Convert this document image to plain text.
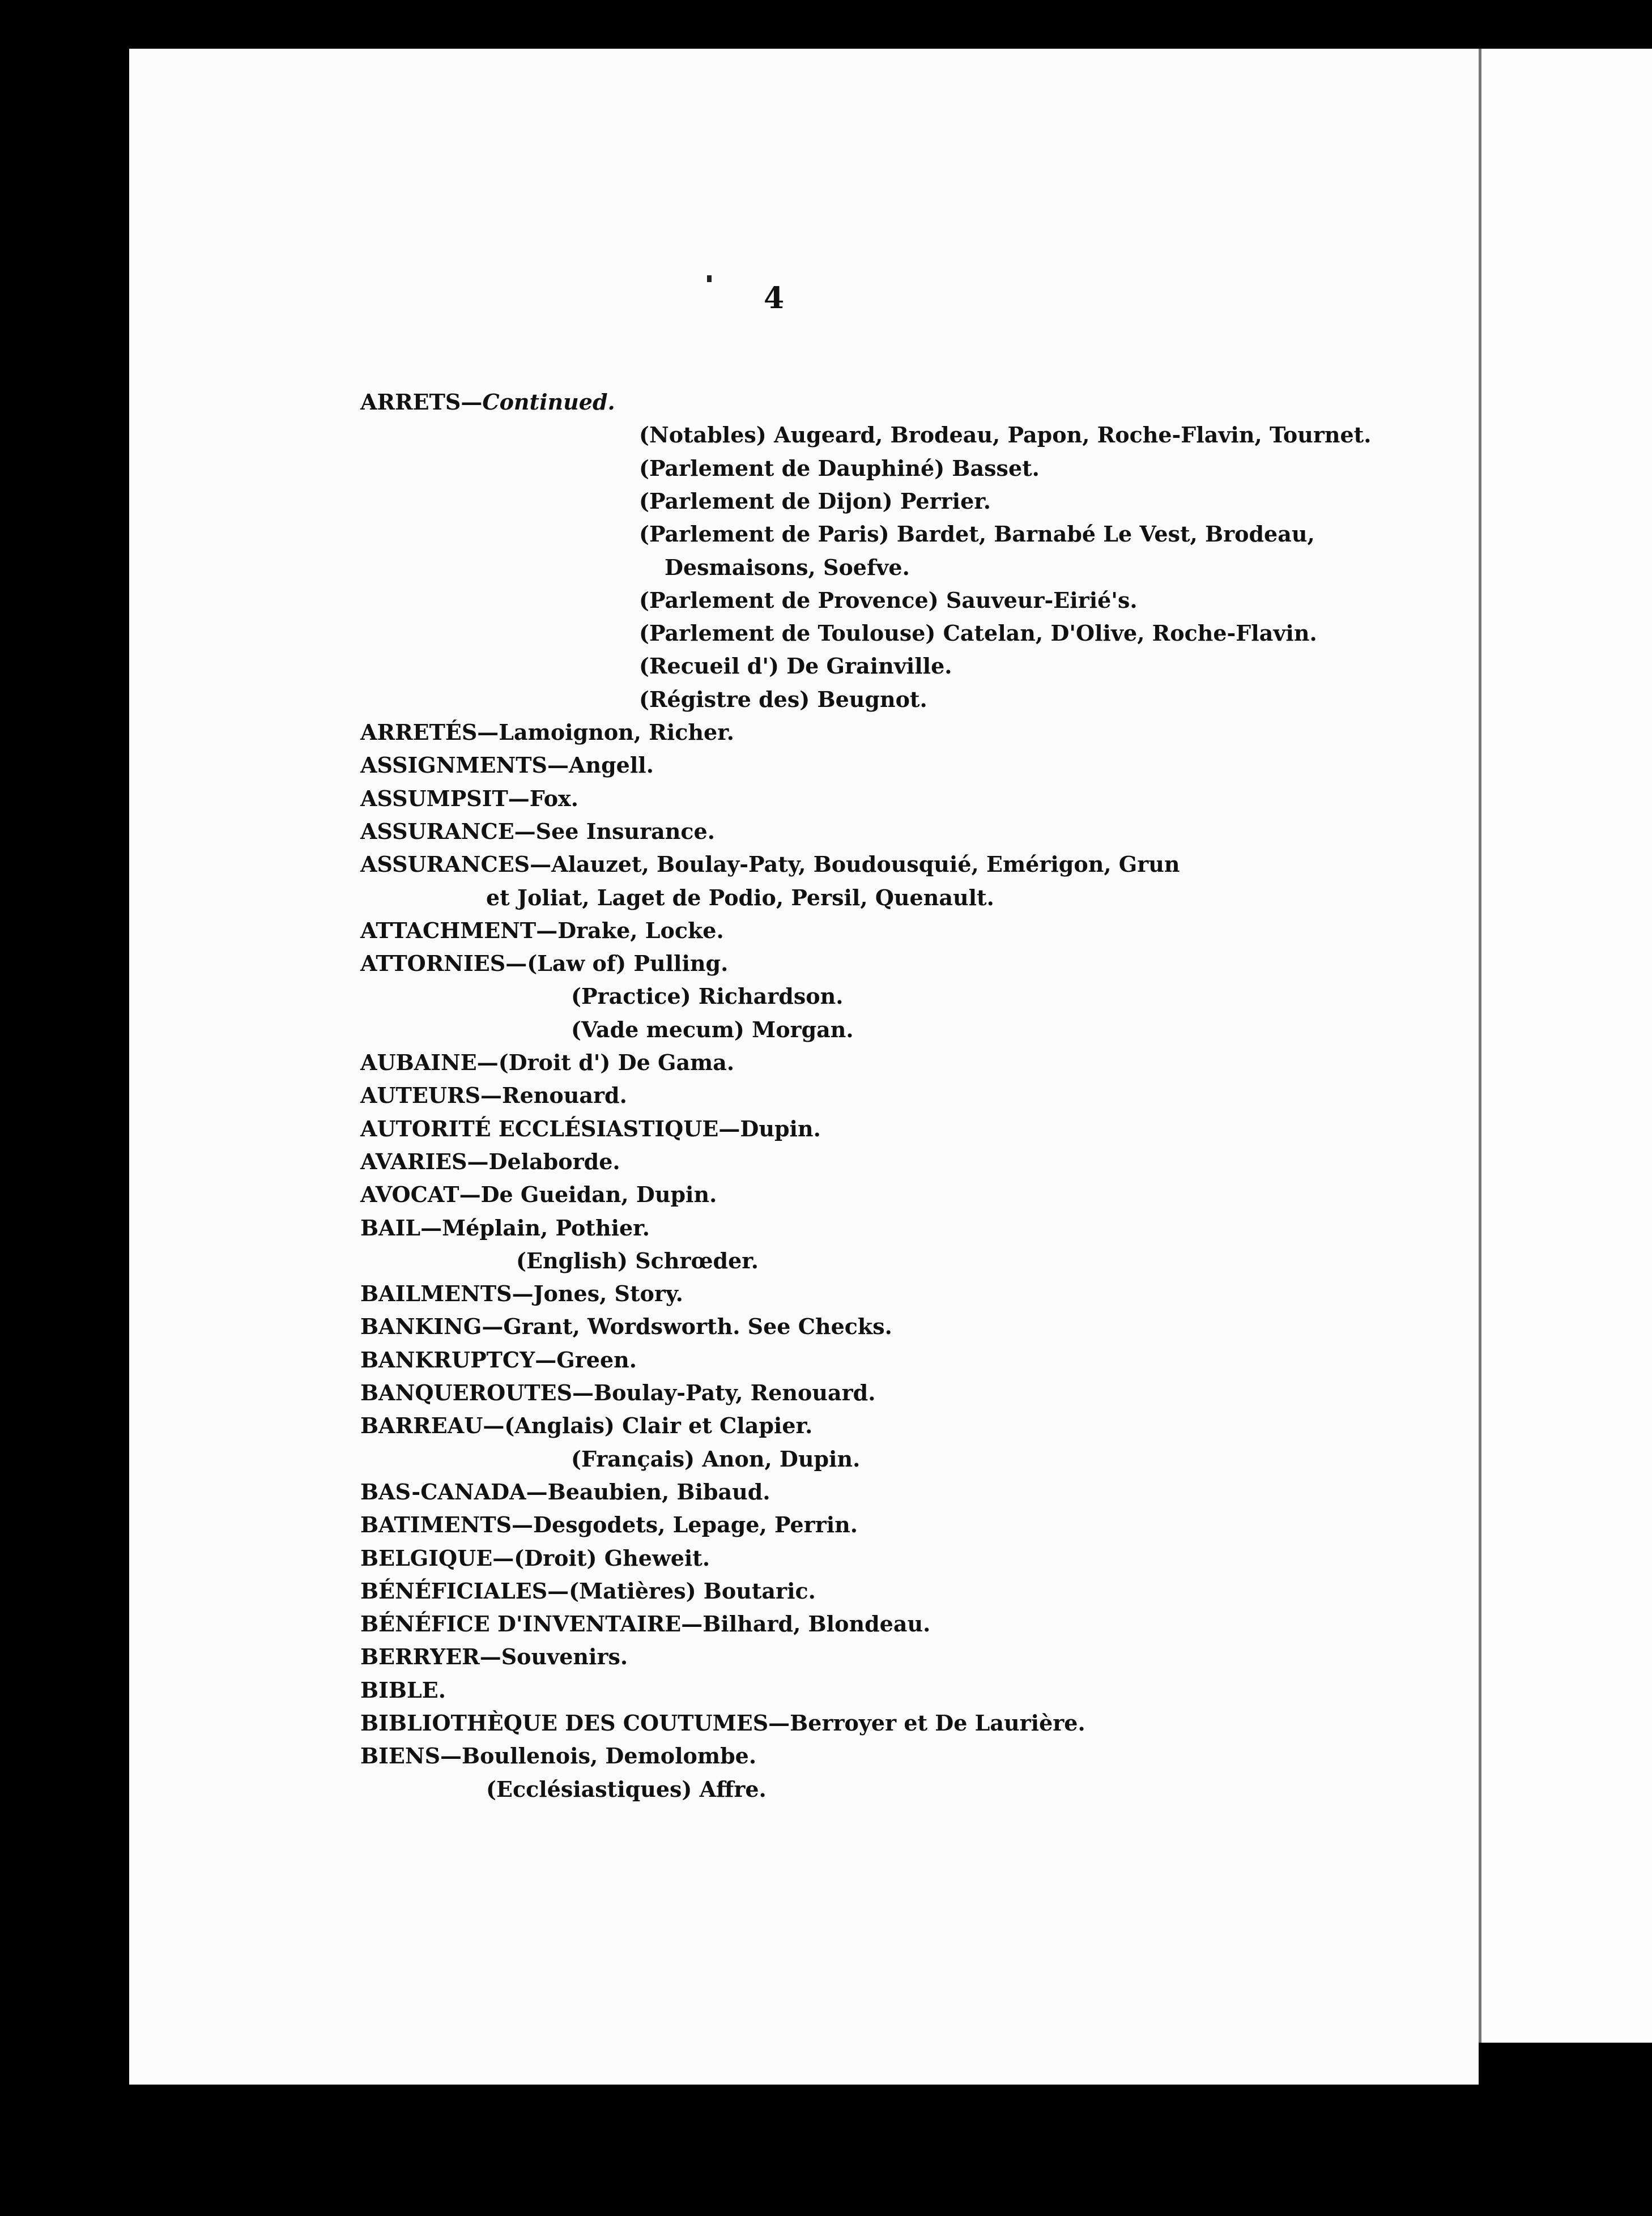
4
ARRETS—Continued.
(Notables) Augeard, Brodeau, Papon, Roche-Flavin, Tournet.
(Parlement de Dauphiné) Basset.
(Parlement de Dijon) Perrier.
(Parlement de Paris) Bardet, Barnabé Le Vest, Brodeau,
Desmaisons, Soefve.
(Parlement de Provence) Sauveur-Eirié's.
(Parlement de Toulouse) Catelan, D'Olive, Roche-Flavin.
(Recueil d') De Grainville.
(Régistre des) Beugnot.
ARRETÉS—Lamoignon, Richer.
ASSIGNMENTS—Angell.
ASSUMPSIT—Fox.
ASSURANCE—See Insurance.
ASSURANCES—Alauzet, Boulay-Paty, Boudousquié, Emérigon, Grun
et Joliat, Laget de Podio, Persil, Quenault.
ATTACHMENT—Drake, Locke.
ATTORNIES—(Law of) Pulling.
(Practice) Richardson.
(Vade mecum) Morgan.
AUBAINE—(Droit d') De Gama.
AUTEURS—Renouard.
AUTORITÉ ECCLÉSIASTIQUE—Dupin.
AVARIES—Delaborde.
AVOCAT—De Gueidan, Dupin.
BAIL—Méplain, Pothier.
(English) Schrœder.
BAILMENTS—Jones, Story.
BANKING—Grant, Wordsworth. See Checks.
BANKRUPTCY—Green.
BANQUEROUTES—Boulay-Paty, Renouard.
BARREAU—(Anglais) Clair et Clapier.
(Français) Anon, Dupin.
BAS-CANADA—Beaubien, Bibaud.
BATIMENTS—Desgodets, Lepage, Perrin.
BELGIQUE—(Droit) Gheweit.
BÉNÉFICIALES—(Matières) Boutaric.
BÉNÉFICE D'INVENTAIRE—Bilhard, Blondeau.
BERRYER—Souvenirs.
BIBLE.
BIBLIOTHÈQUE DES COUTUMES—Berroyer et De Laurière.
BIENS—Boullenois, Demolombe.
(Ecclésiastiques) Affre.
